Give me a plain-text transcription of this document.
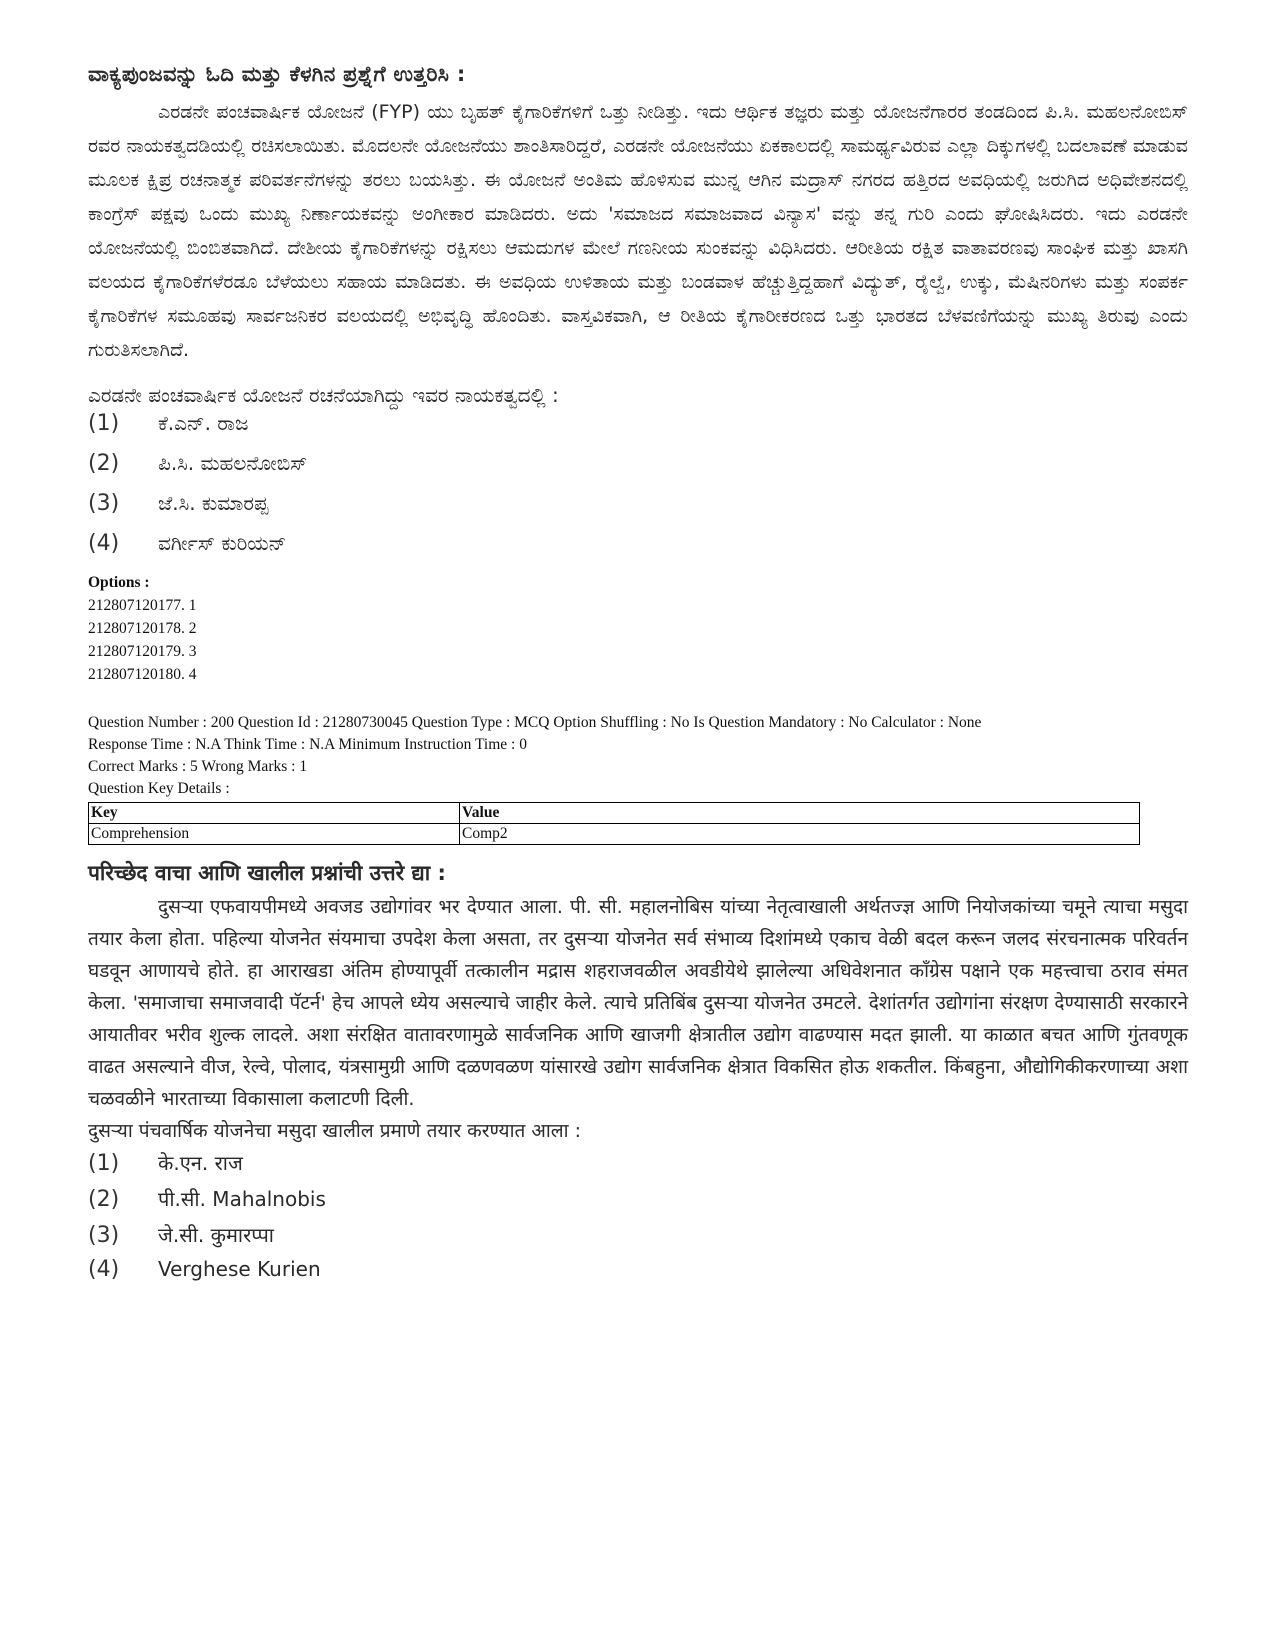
ವಾಕ್ಯಪುಂಜವನ್ನು ಓದಿ ಮತ್ತು ಕೆಳಗಿನ ಪ್ರಶ್ನೆಗೆ ಉತ್ತರಿಸಿ :

ಎರಡನೇ ಪಂಚವಾರ್ಷಿಕ ಯೋಜನೆ (FYP) ಯು ಬೃಹತ್ ಕೈಗಾರಿಕೆಗಳಿಗೆ ಒತ್ತು ನೀಡಿತ್ತು. ಇದು ಆರ್ಥಿಕ ತಜ್ಞರು ಮತ್ತು ಯೋಜನೆಗಾರರ ತಂಡದಿಂದ ಪಿ.ಸಿ. ಮಹಲನೋಬಿಸ್ ರವರ ನಾಯಕತ್ವದಡಿಯಲ್ಲಿ ರಚಿಸಲಾಯಿತು. ಮೊದಲನೇ ಯೋಜನೆಯು ಶಾಂತಿಸಾರಿದ್ದರೆ, ಎರಡನೇ ಯೋಜನೆಯು ಏಕಕಾಲದಲ್ಲಿ ಸಾಮರ್ಥ್ಯವಿರುವ ಎಲ್ಲಾ ದಿಕ್ಕುಗಳಲ್ಲಿ ಬದಲಾವಣೆ ಮಾಡುವ ಮೂಲಕ ಕ್ಷಿಪ್ರ ರಚನಾತ್ಮಕ ಪರಿವರ್ತನೆಗಳನ್ನು ತರಲು ಬಯಸಿತ್ತು. ಈ ಯೋಜನೆ ಅಂತಿಮ ಹೊಳಿಸುವ ಮುನ್ನ ಆಗಿನ ಮದ್ರಾಸ್ ನಗರದ ಹತ್ತಿರದ ಅವಧಿಯಲ್ಲಿ ಜರುಗಿದ ಅಧಿವೇಶನದಲ್ಲಿ ಕಾಂಗ್ರೆಸ್ ಪಕ್ಷವು ಒಂದು ಮುಖ್ಯ ನಿರ್ಣಾಯಕವನ್ನು ಅಂಗೀಕಾರ ಮಾಡಿದರು. ಅದು 'ಸಮಾಜದ ಸಮಾಜವಾದ ವಿನ್ಯಾಸ' ವನ್ನು ತನ್ನ ಗುರಿ ಎಂದು ಘೋಷಿಸಿದರು. ಇದು ಎರಡನೇ ಯೋಜನೆಯಲ್ಲಿ ಬಿಂಬಿತವಾಗಿದೆ. ದೇಶೀಯ ಕೈಗಾರಿಕೆಗಳನ್ನು ರಕ್ಷಿಸಲು ಆಮದುಗಳ ಮೇಲೆ ಗಣನೀಯ ಸುಂಕವನ್ನು ವಿಧಿಸಿದರು. ಆರೀತಿಯ ರಕ್ಷಿತ ವಾತಾವರಣವು ಸಾಂಘಿಕ ಮತ್ತು ಖಾಸಗಿ ವಲಯದ ಕೈಗಾರಿಕೆಗಳೆರಡೂ ಬೆಳೆಯಲು ಸಹಾಯ ಮಾಡಿದತು. ಈ ಅವಧಿಯ ಉಳಿತಾಯ ಮತ್ತು ಬಂಡವಾಳ ಹೆಚ್ಚುತ್ತಿದ್ದಹಾಗೆ ವಿದ್ಯುತ್, ರೈಲ್ವೆ, ಉಕ್ಕು, ಮೆಷಿನರಿಗಳು ಮತ್ತು ಸಂಪರ್ಕ ಕೈಗಾರಿಕೆಗಳ ಸಮೂಹವು ಸಾರ್ವಜನಿಕರ ವಲಯದಲ್ಲಿ ಅಭಿವೃದ್ಧಿ ಹೊಂದಿತು. ವಾಸ್ತವಿಕವಾಗಿ, ಆ ರೀತಿಯ ಕೈಗಾರೀಕರಣದ ಒತ್ತು ಭಾರತದ ಬೆಳವಣಿಗೆಯನ್ನು ಮುಖ್ಯ ತಿರುವು ಎಂದು ಗುರುತಿಸಲಾಗಿದೆ.

ಎರಡನೇ ಪಂಚವಾರ್ಷಿಕ ಯೋಜನೆ ರಚನೆಯಾಗಿದ್ದು ಇವರ ನಾಯಕತ್ವದಲ್ಲಿ :
(1)	ಕೆ.ಎನ್. ರಾಜ
(2)	ಪಿ.ಸಿ. ಮಹಲನೋಬಿಸ್
(3)	ಜೆ.ಸಿ. ಕುಮಾರಪ್ಪ
(4)	ವರ್ಗೀಸ್ ಕುರಿಯನ್
Options :
212807120177. 1
212807120178. 2
212807120179. 3
212807120180. 4
Question Number : 200 Question Id : 21280730045 Question Type : MCQ Option Shuffling : No Is Question Mandatory : No Calculator : None
Response Time : N.A Think Time : N.A Minimum Instruction Time : 0
Correct Marks : 5 Wrong Marks : 1
Question Key Details :
Key	Value
Comprehension	Comp2
परिच्छेद वाचा आणि खालील प्रश्नांची उत्तरे द्या :

दुसऱ्या एफवायपीमध्ये अवजड उद्योगांवर भर देण्यात आला. पी. सी. महालनोबिस यांच्या नेतृत्वाखाली अर्थतज्ज्ञ आणि नियोजकांच्या चमूने त्याचा मसुदा तयार केला होता. पहिल्या योजनेत संयमाचा उपदेश केला असता, तर दुसऱ्या योजनेत सर्व संभाव्य दिशांमध्ये एकाच वेळी बदल करून जलद संरचनात्मक परिवर्तन घडवून आणायचे होते. हा आराखडा अंतिम होण्यापूर्वी तत्कालीन मद्रास शहराजवळील अवडीयेथे झालेल्या अधिवेशनात काँग्रेस पक्षाने एक महत्त्वाचा ठराव संमत केला. 'समाजाचा समाजवादी पॅटर्न' हेच आपले ध्येय असल्याचे जाहीर केले. त्याचे प्रतिबिंब दुसऱ्या योजनेत उमटले. देशांतर्गत उद्योगांना संरक्षण देण्यासाठी सरकारने आयातीवर भरीव शुल्क लादले. अशा संरक्षित वातावरणामुळे सार्वजनिक आणि खाजगी क्षेत्रातील उद्योग वाढण्यास मदत झाली. या काळात बचत आणि गुंतवणूक वाढत असल्याने वीज, रेल्वे, पोलाद, यंत्रसामुग्री आणि दळणवळण यांसारखे उद्योग सार्वजनिक क्षेत्रात विकसित होऊ शकतील. किंबहुना, औद्योगिकीकरणाच्या अशा चळवळीने भारताच्या विकासाला कलाटणी दिली.

दुसऱ्या पंचवार्षिक योजनेचा मसुदा खालील प्रमाणे तयार करण्यात आला :
(1)	के.एन. राज
(2)	पी.सी. Mahalnobis
(3)	जे.सी. कुमारप्पा
(4)	Verghese Kurien
